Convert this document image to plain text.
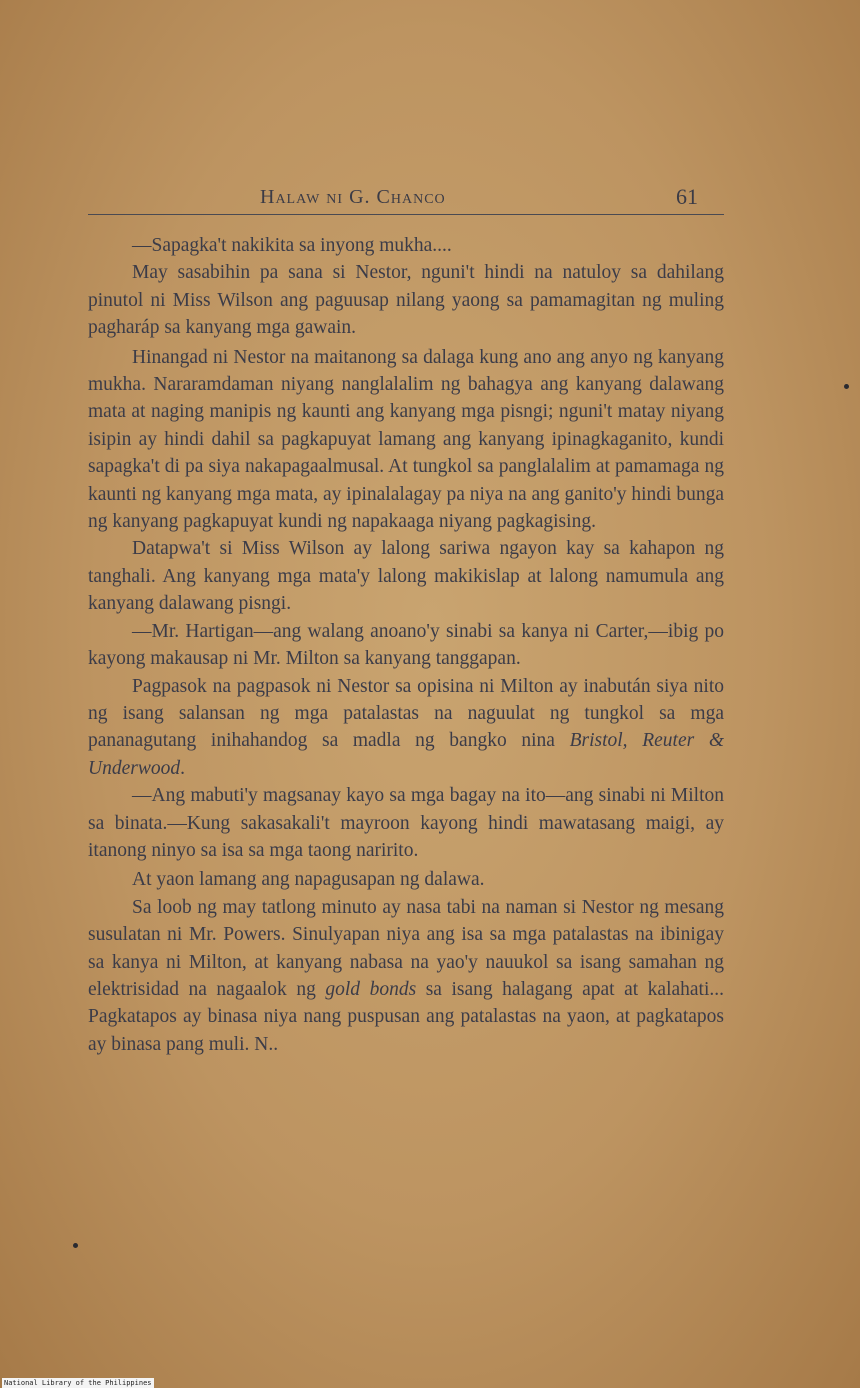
Halaw ni G. Chanco	61

—Sapagka't nakikita sa inyong mukha....

May sasabihin pa sana si Nestor, nguni't hindi na natuloy sa dahilang pinutol ni Miss Wilson ang paguusap nilang yaong sa pamamagitan ng muling pagharáp sa kanyang mga gawain.

Hinangad ni Nestor na maitanong sa dalaga kung ano ang anyo ng kanyang mukha. Nararamdaman niyang nanglalalim ng bahagya ang kanyang dalawang mata at naging manipis ng kaunti ang kanyang mga pisngi; nguni't matay niyang isipin ay hindi dahil sa pagkapuyat lamang ang kanyang ipinagkaganito, kundi sapagka't di pa siya nakapagaalmusal. At tungkol sa panglalalim at pamamaga ng kaunti ng kanyang mga mata, ay ipinalalagay pa niya na ang ganito'y hindi bunga ng kanyang pagkapuyat kundi ng napakaaga niyang pagkagising.

Datapwa't si Miss Wilson ay lalong sariwa ngayon kay sa kahapon ng tanghali. Ang kanyang mga mata'y lalong makikislap at lalong namumula ang kanyang dalawang pisngi.

—Mr. Hartigan—ang walang anoano'y sinabi sa kanya ni Carter,—ibig po kayong makausap ni Mr. Milton sa kanyang tanggapan.

Pagpasok na pagpasok ni Nestor sa opisina ni Milton ay inabután siya nito ng isang salansan ng mga patalastas na naguulat ng tungkol sa mga pananagutang inihahandog sa madla ng bangko nina Bristol, Reuter & Underwood.

—Ang mabuti'y magsanay kayo sa mga bagay na ito—ang sinabi ni Milton sa binata.—Kung sakasakali't mayroon kayong hindi mawatasang maigi, ay itanong ninyo sa isa sa mga taong naririto.

At yaon lamang ang napagusapan ng dalawa.

Sa loob ng may tatlong minuto ay nasa tabi na naman si Nestor ng mesang susulatan ni Mr. Powers. Sinulyapan niya ang isa sa mga patalastas na ibinigay sa kanya ni Milton, at kanyang nabasa na yao'y nauukol sa isang samahan ng elektrisidad na nagaalok ng gold bonds sa isang halagang apat at kalahati... Pagkatapos ay binasa niya nang puspusan ang patalastas na yaon, at pagkatapos ay binasa pang muli. N..

National Library of the Philippines
